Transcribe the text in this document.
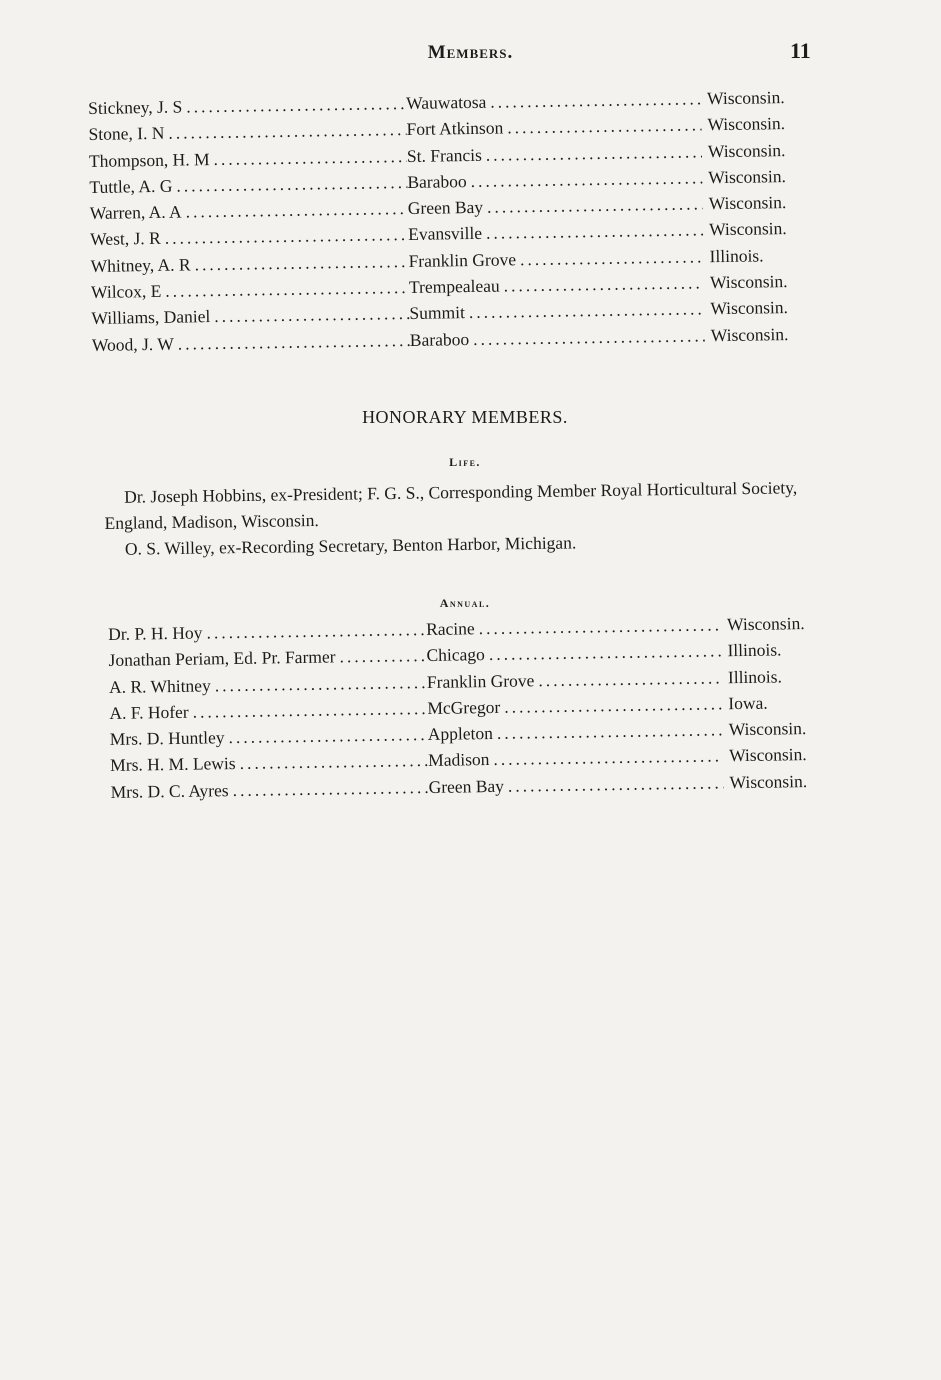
Members.	11
Stickney, J. S .....	Wauwatosa .....	Wisconsin.
Stone, I. N .....	Fort Atkinson .....	Wisconsin.
Thompson, H. M .....	St. Francis .....	Wisconsin.
Tuttle, A. G .....	Baraboo .....	Wisconsin.
Warren, A. A .....	Green Bay .....	Wisconsin.
West, J. R .....	Evansville .....	Wisconsin.
Whitney, A. R .....	Franklin Grove .....	Illinois.
Wilcox, E .....	Trempealeau .....	Wisconsin.
Williams, Daniel .....	Summit .....	Wisconsin.
Wood, J. W .....	Baraboo .....	Wisconsin.
HONORARY MEMBERS.
Life.

Dr. Joseph Hobbins, ex-President; F. G. S., Corresponding Member Royal Horticultural Society, England, Madison, Wisconsin.

O. S. Willey, ex-Recording Secretary, Benton Harbor, Michigan.

Annual.
Dr. P. H. Hoy .....	Racine .....	Wisconsin.
Jonathan Periam, Ed. Pr. Farmer .....	Chicago .....	Illinois.
A. R. Whitney .....	Franklin Grove .....	Illinois.
A. F. Hofer .....	McGregor .....	Iowa.
Mrs. D. Huntley .....	Appleton .....	Wisconsin.
Mrs. H. M. Lewis .....	Madison .....	Wisconsin.
Mrs. D. C. Ayres .....	Green Bay .....	Wisconsin.
